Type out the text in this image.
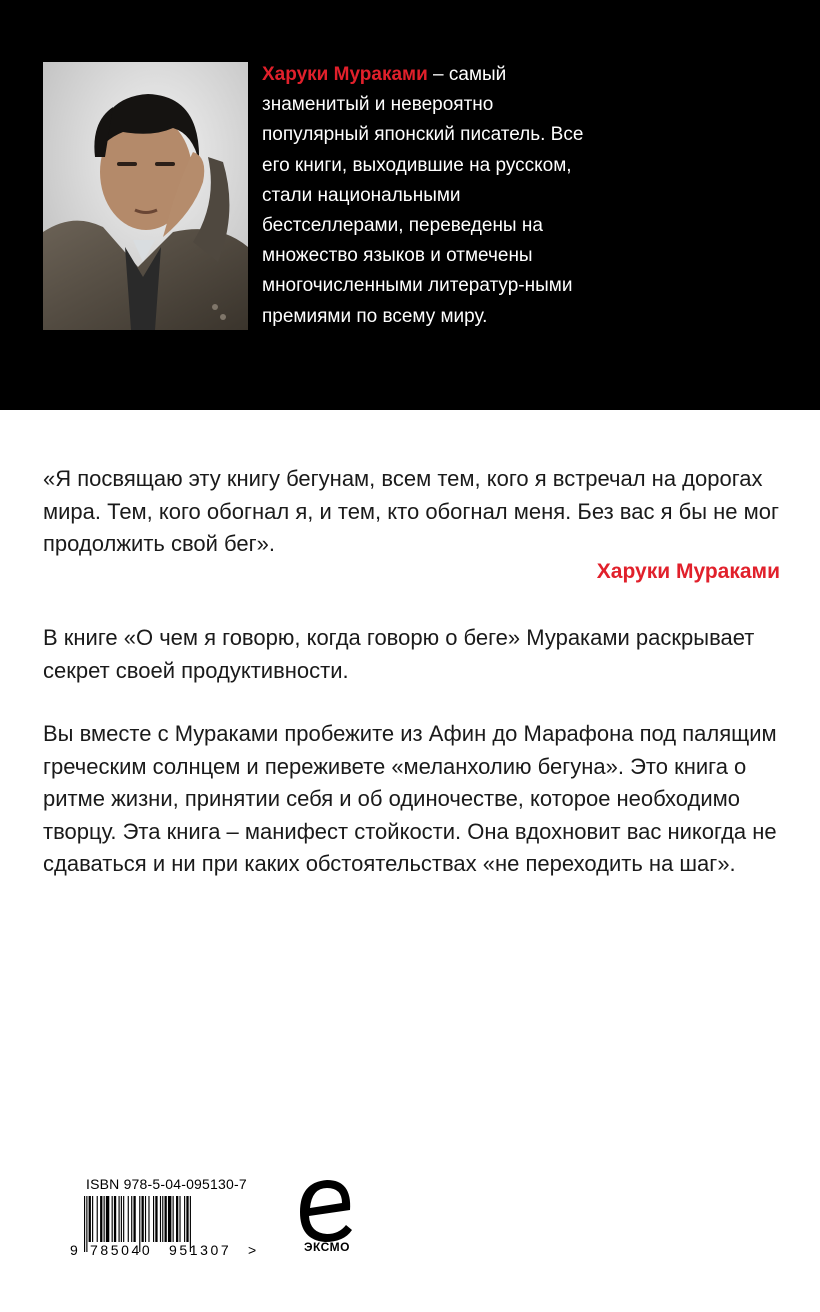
Харуки Мураками – самый знаменитый и невероятно популярный японский писатель. Все его книги, выходившие на русском, стали национальными бестселлерами, переведены на множество языков и отмечены многочисленными литератур-ными премиями по всему миру.

«Я посвящаю эту книгу бегунам, всем тем, кого я встречал на дорогах мира. Тем, кого обогнал я, и тем, кто обогнал меня. Без вас я бы не мог продолжить свой бег».

Харуки Мураками

В книге «О чем я говорю, когда говорю о беге» Мураками раскрывает секрет своей продуктивности.

Вы вместе с Мураками пробежите из Афин до Марафона под палящим греческим солнцем и переживете «меланхолию бегуна». Это книга о ритме жизни, принятии себя и об одиночестве, которое необходимо творцу. Эта книга – манифест стойкости. Она вдохновит вас никогда не сдаваться и ни при каких обстоятельствах «не переходить на шаг».

ISBN 978-5-04-095130-7
9 785040 951307 >	ЭКСМО
